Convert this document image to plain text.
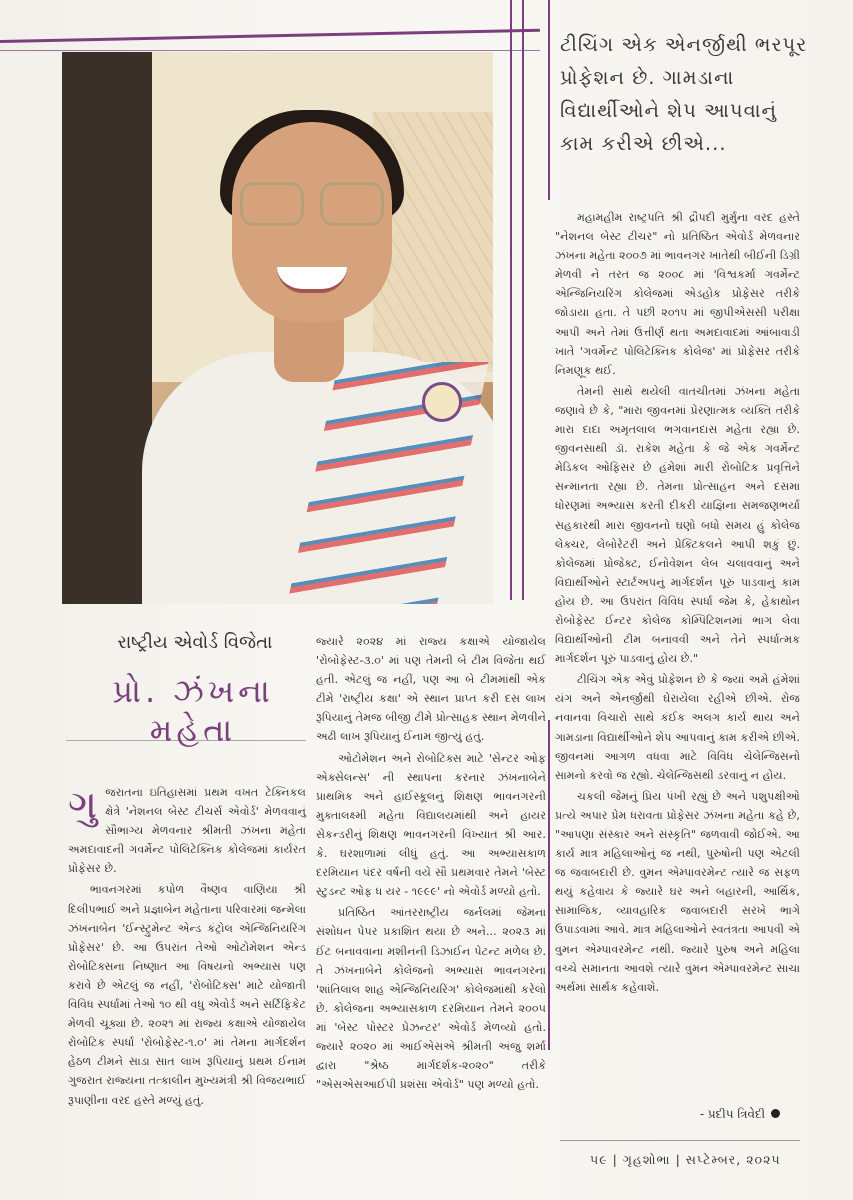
ટીચિંગ એક એનર્જીથી ભરપૂર પ્રોફેશન છે. ગામડાના વિદ્યાર્થીઓને શેપ આપવાનું કામ કરીએ છીએ...
રાષ્ટ્રીય એવોર્ડ વિજેતા
પ્રો. ઝંખના મહેતા

ગુજરાતના ઇતિહાસમાં પ્રથમ વખત ટેક્નિકલ ક્ષેત્રે 'નેશનલ બેસ્ટ ટીચર્સ એવોર્ડ' મેળવવાનું સૌભાગ્ય મેળવનાર શ્રીમતી ઝંખના મહેતા અમદાવાદની ગવર્મેન્ટ પોલિટેક્નિક કોલેજમાં કાર્યરત પ્રોફેસર છે.

ભાવનગરમાં કપોળ વૈષ્ણવ વાણિયા શ્રી દિલીપભાઈ અને પ્રજ્ઞાબેન મહેતાના પરિવારમાં જન્મેલા ઝંખનાબેન 'ઈન્સ્ટ્રુમેન્ટ એન્ડ કંટ્રોલ એન્જિનિયરિંગ પ્રોફેસર' છે. આ ઉપરાંત તેઓ ઓટોમેશન એન્ડ રોબોટિક્સના નિષ્ણાત આ વિષયનો અભ્યાસ પણ કરાવે છે એટલું જ નહીં, 'રોબોટિક્સ' માટે યોજાતી વિવિધ સ્પર્ધામાં તેઓ ૧૦ થી વધુ એવોર્ડ અને સર્ટિફિકેટ મેળવી ચૂક્યા છે. ૨૦૨૧ માં રાજ્ય કક્ષાએ યોજાયેલ રોબોટિક સ્પર્ધા 'રોબોફેસ્ટ-૧.૦' માં તેમના માર્ગદર્શન હેઠળ ટીમને સાડા સાત લાખ રૂપિયાનું પ્રથમ ઈનામ ગુજરાત રાજ્યના તત્કાલીન મુખ્યમંત્રી શ્રી વિજયભાઈ રૂપાણીના વરદ હસ્તે મળ્યું હતું.

જ્યારે ૨૦૨૪ માં રાજ્ય કક્ષાએ યોજાયેલ 'રોબોફેસ્ટ-૩.૦' માં પણ તેમની બે ટીમ વિજેતા થઈ હતી. એટલું જ નહીં, પણ આ બે ટીમમાંથી એક ટીમે 'રાષ્ટ્રીય કક્ષા' એ સ્થાન પ્રાપ્ત કરી દસ લાખ રૂપિયાનું તેમજ બીજી ટીમે પ્રોત્સાહક સ્થાન મેળવીને અઢી લાખ રૂપિયાનું ઈનામ જીત્યું હતું.

ઓટોમેશન અને રોબોટિક્સ માટે 'સેન્ટર ઓફ એક્સેલન્સ' ની સ્થાપના કરનાર ઝંખનાબેને પ્રાથમિક અને હાઈસ્કૂલનું શિક્ષણ ભાવનગરની મુક્તાલક્ષ્મી મહેતા વિદ્યાલયમાંથી અને હાયર સેકન્ડરીનું શિક્ષણ ભાવનગરની વિખ્યાત શ્રી આર. કે. ઘરશાળામાં લીધું હતું. આ અભ્યાસકાળ દરમિયાન પંદર વર્ષની વયે સૌ પ્રથમવાર તેમને 'બેસ્ટ સ્ટુડન્ટ ઓફ ધ યર - ૧૯૯૯' નો એવોર્ડ મળ્યો હતો.

પ્રતિષ્ઠિત આંતરરાષ્ટ્રીય જર્નલમાં જેમના સંશોધન પેપર પ્રકાશિત થયા છે અને... ૨૦૨૩ માં ઈંટ બનાવવાના મશીનની ડિઝાઈન પેટન્ટ મળેલ છે. તે ઝંખનાબેને કોલેજનો અભ્યાસ ભાવનગરના 'શાંતિલાલ શાહ એન્જિનિયરિંગ' કોલેજમાંથી કરેલો છે. કોલેજના અભ્યાસકાળ દરમિયાન તેમને ૨૦૦૫ માં 'બેસ્ટ પોસ્ટર પ્રેઝન્ટર' એવોર્ડ મેળવ્યો હતો. જ્યારે ૨૦૨૦ માં આઈએસએ શ્રીમતી અંજુ શર્મા દ્વારા "શ્રેષ્ઠ માર્ગદર્શક-૨૦૨૦" તરીકે "એસએસઆઈપી પ્રશંસા એવોર્ડ" પણ મળ્યો હતો.

મહામહીમ રાષ્ટ્રપતિ શ્રી દ્રૌપદી મુર્મુના વરદ હસ્તે "નેશનલ બેસ્ટ ટીચર" નો પ્રતિષ્ઠિત એવોર્ડ મેળવનાર ઝંખના મહેતા ૨૦૦૭ માં ભાવનગર ખાતેથી બીઈની ડિગ્રી મેળવી ને તરત જ ૨૦૦૮ માં 'વિશ્વકર્મા ગવર્મેન્ટ એન્જિનિયરિંગ કોલેજમાં એડહોક પ્રોફેસર તરીકે જોડાયા હતા. તે પછી ૨૦૧૫ માં જીપીએસસી પરીક્ષા આપી અને તેમાં ઉત્તીર્ણ થતા અમદાવાદમાં આંબાવાડી ખાતે 'ગવર્મેન્ટ પોલિટેક્નિક કોલેજ' માં પ્રોફેસર તરીકે નિમણૂક થઈ.

તેમની સાથે થયેલી વાતચીતમાં ઝંખના મહેતા જણાવે છે કે, "મારા જીવનમાં પ્રેરણાત્મક વ્યક્તિ તરીકે મારા દાદા અમૃતલાલ ભગવાનદાસ મહેતા રહ્યા છે. જીવનસાથી ડૉ. રાકેશ મહેતા કે જે એક ગવર્મેન્ટ મેડિકલ ઓફિસર છે હંમેશાં મારી રોબોટિક પ્રવૃત્તિને સન્માનતા રહ્યા છે. તેમના પ્રોત્સાહન અને દસમા ધોરણમાં અભ્યાસ કરતી દીકરી યાજ્ઞિના સમજણભર્યા સહકારથી મારા જીવનનો ઘણો બધો સમય હું કોલેજ લેક્ચર, લેબોરેટરી અને પ્રેક્ટિકલને આપી શકું છું. કોલેજમાં પ્રોજેક્ટ, ઈનોવેશન લેબ ચલાવવાનું અને વિદ્યાર્થીઓને સ્ટાર્ટઅપનું માર્ગદર્શન પૂરું પાડવાનું કામ હોય છે. આ ઉપરાંત વિવિધ સ્પર્ધા જેમ કે, હેકાથોન રોબોફેસ્ટ ઈન્ટર કોલેજ કોમ્પિટિશનમાં ભાગ લેવા વિદ્યાર્થીઓની ટીમ બનાવવી અને તેને સ્પર્ધાત્મક માર્ગદર્શન પૂરું પાડવાનું હોય છે."

ટીચિંગ એક એવું પ્રોફેશન છે કે જ્યાં અમે હંમેશાં યંગ અને એનર્જીથી ઘેરાયેલા રહીએ છીએ. રોજ નવાનવા વિચારો સાથે કંઈક અલગ કાર્ય થાય અને ગામડાના વિદ્યાર્થીઓને શેપ આપવાનું કામ કરીએ છીએ. જીવનમાં આગળ વધવા માટે વિવિધ ચેલેન્જિસનો સામનો કરવો જ રહ્યો. ચેલેન્જિસથી ડરવાનું ન હોય.

ચકલી જેમનું પ્રિય પંખી રહ્યું છે અને પશુપક્ષીઓ પ્રત્યે અપાર પ્રેમ ધરાવતા પ્રોફેસર ઝંખના મહેતા કહે છે, "આપણા સંસ્કાર અને સંસ્કૃતિ" જળવાવી જોઈએ. આ કાર્ય માત્ર મહિલાઓનું જ નથી, પુરુષોની પણ એટલી જ જવાબદારી છે. વુમન એમ્પાવરમેન્ટ ત્યારે જ સફળ થયું કહેવાય કે જ્યારે ઘર અને બહારની, આર્થિક, સામાજિક, વ્યાવહારિક જવાબદારી સરખે ભાગે ઉપાડવામાં આવે. માત્ર મહિલાઓને સ્વતંત્રતા આપવી એ વુમન એમ્પાવરમેન્ટ નથી. જ્યારે પુરુષ અને મહિલા વચ્ચે સમાનતા આવશે ત્યારે વુમન એમ્પાવરમેન્ટ સાચા અર્થમાં સાર્થક કહેવાશે.

- પ્રદીપ ત્રિવેદી
૫૯ | ગૃહશોભા | સપ્ટેમ્બર, ૨૦૨૫
